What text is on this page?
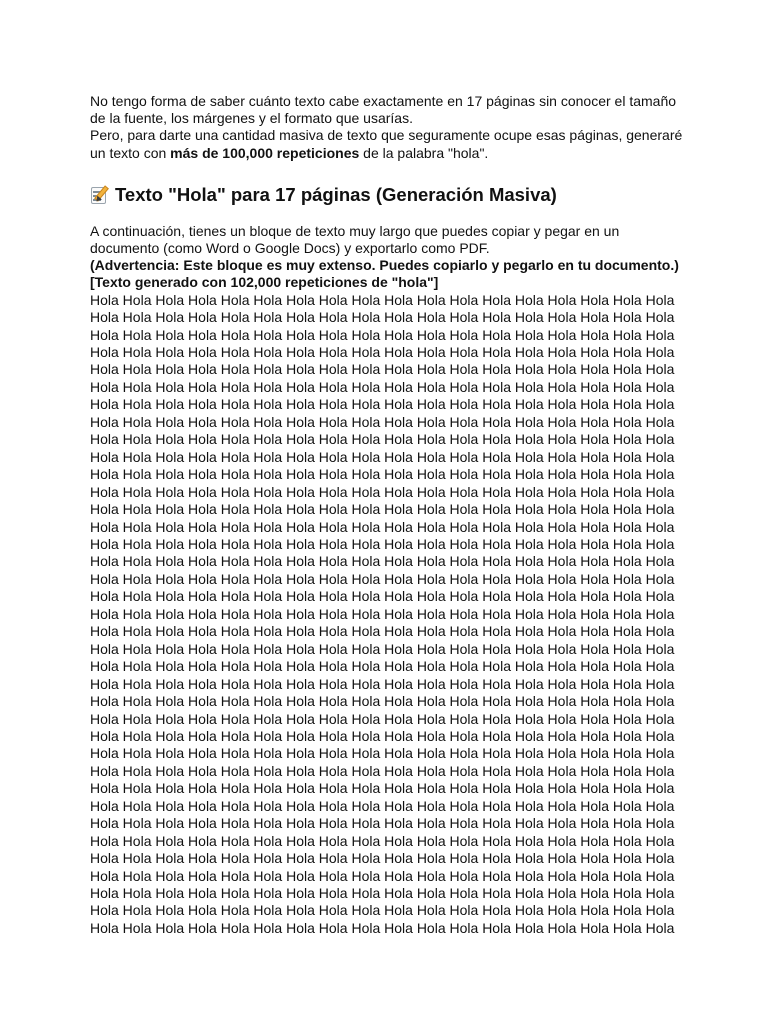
No tengo forma de saber cuánto texto cabe exactamente en 17 páginas sin conocer el tamaño de la fuente, los márgenes y el formato que usarías.

Pero, para darte una cantidad masiva de texto que seguramente ocupe esas páginas, generaré un texto con más de 100,000 repeticiones de la palabra "hola".

Texto "Hola" para 17 páginas (Generación Masiva)

A continuación, tienes un bloque de texto muy largo que puedes copiar y pegar en un documento (como Word o Google Docs) y exportarlo como PDF.

(Advertencia: Este bloque es muy extenso. Puedes copiarlo y pegarlo en tu documento.)

[Texto generado con 102,000 repeticiones de "hola"]

Hola Hola Hola Hola Hola Hola Hola Hola Hola Hola Hola Hola Hola Hola Hola Hola Hola Hola
Hola Hola Hola Hola Hola Hola Hola Hola Hola Hola Hola Hola Hola Hola Hola Hola Hola Hola
Hola Hola Hola Hola Hola Hola Hola Hola Hola Hola Hola Hola Hola Hola Hola Hola Hola Hola
Hola Hola Hola Hola Hola Hola Hola Hola Hola Hola Hola Hola Hola Hola Hola Hola Hola Hola
Hola Hola Hola Hola Hola Hola Hola Hola Hola Hola Hola Hola Hola Hola Hola Hola Hola Hola
Hola Hola Hola Hola Hola Hola Hola Hola Hola Hola Hola Hola Hola Hola Hola Hola Hola Hola
Hola Hola Hola Hola Hola Hola Hola Hola Hola Hola Hola Hola Hola Hola Hola Hola Hola Hola
Hola Hola Hola Hola Hola Hola Hola Hola Hola Hola Hola Hola Hola Hola Hola Hola Hola Hola
Hola Hola Hola Hola Hola Hola Hola Hola Hola Hola Hola Hola Hola Hola Hola Hola Hola Hola
Hola Hola Hola Hola Hola Hola Hola Hola Hola Hola Hola Hola Hola Hola Hola Hola Hola Hola
Hola Hola Hola Hola Hola Hola Hola Hola Hola Hola Hola Hola Hola Hola Hola Hola Hola Hola
Hola Hola Hola Hola Hola Hola Hola Hola Hola Hola Hola Hola Hola Hola Hola Hola Hola Hola
Hola Hola Hola Hola Hola Hola Hola Hola Hola Hola Hola Hola Hola Hola Hola Hola Hola Hola
Hola Hola Hola Hola Hola Hola Hola Hola Hola Hola Hola Hola Hola Hola Hola Hola Hola Hola
Hola Hola Hola Hola Hola Hola Hola Hola Hola Hola Hola Hola Hola Hola Hola Hola Hola Hola
Hola Hola Hola Hola Hola Hola Hola Hola Hola Hola Hola Hola Hola Hola Hola Hola Hola Hola
Hola Hola Hola Hola Hola Hola Hola Hola Hola Hola Hola Hola Hola Hola Hola Hola Hola Hola
Hola Hola Hola Hola Hola Hola Hola Hola Hola Hola Hola Hola Hola Hola Hola Hola Hola Hola
Hola Hola Hola Hola Hola Hola Hola Hola Hola Hola Hola Hola Hola Hola Hola Hola Hola Hola
Hola Hola Hola Hola Hola Hola Hola Hola Hola Hola Hola Hola Hola Hola Hola Hola Hola Hola
Hola Hola Hola Hola Hola Hola Hola Hola Hola Hola Hola Hola Hola Hola Hola Hola Hola Hola
Hola Hola Hola Hola Hola Hola Hola Hola Hola Hola Hola Hola Hola Hola Hola Hola Hola Hola
Hola Hola Hola Hola Hola Hola Hola Hola Hola Hola Hola Hola Hola Hola Hola Hola Hola Hola
Hola Hola Hola Hola Hola Hola Hola Hola Hola Hola Hola Hola Hola Hola Hola Hola Hola Hola
Hola Hola Hola Hola Hola Hola Hola Hola Hola Hola Hola Hola Hola Hola Hola Hola Hola Hola
Hola Hola Hola Hola Hola Hola Hola Hola Hola Hola Hola Hola Hola Hola Hola Hola Hola Hola
Hola Hola Hola Hola Hola Hola Hola Hola Hola Hola Hola Hola Hola Hola Hola Hola Hola Hola
Hola Hola Hola Hola Hola Hola Hola Hola Hola Hola Hola Hola Hola Hola Hola Hola Hola Hola
Hola Hola Hola Hola Hola Hola Hola Hola Hola Hola Hola Hola Hola Hola Hola Hola Hola Hola
Hola Hola Hola Hola Hola Hola Hola Hola Hola Hola Hola Hola Hola Hola Hola Hola Hola Hola
Hola Hola Hola Hola Hola Hola Hola Hola Hola Hola Hola Hola Hola Hola Hola Hola Hola Hola
Hola Hola Hola Hola Hola Hola Hola Hola Hola Hola Hola Hola Hola Hola Hola Hola Hola Hola
Hola Hola Hola Hola Hola Hola Hola Hola Hola Hola Hola Hola Hola Hola Hola Hola Hola Hola
Hola Hola Hola Hola Hola Hola Hola Hola Hola Hola Hola Hola Hola Hola Hola Hola Hola Hola
Hola Hola Hola Hola Hola Hola Hola Hola Hola Hola Hola Hola Hola Hola Hola Hola Hola Hola
Hola Hola Hola Hola Hola Hola Hola Hola Hola Hola Hola Hola Hola Hola Hola Hola Hola Hola
Hola Hola Hola Hola Hola Hola Hola Hola Hola Hola Hola Hola Hola Hola Hola Hola Hola Hola
